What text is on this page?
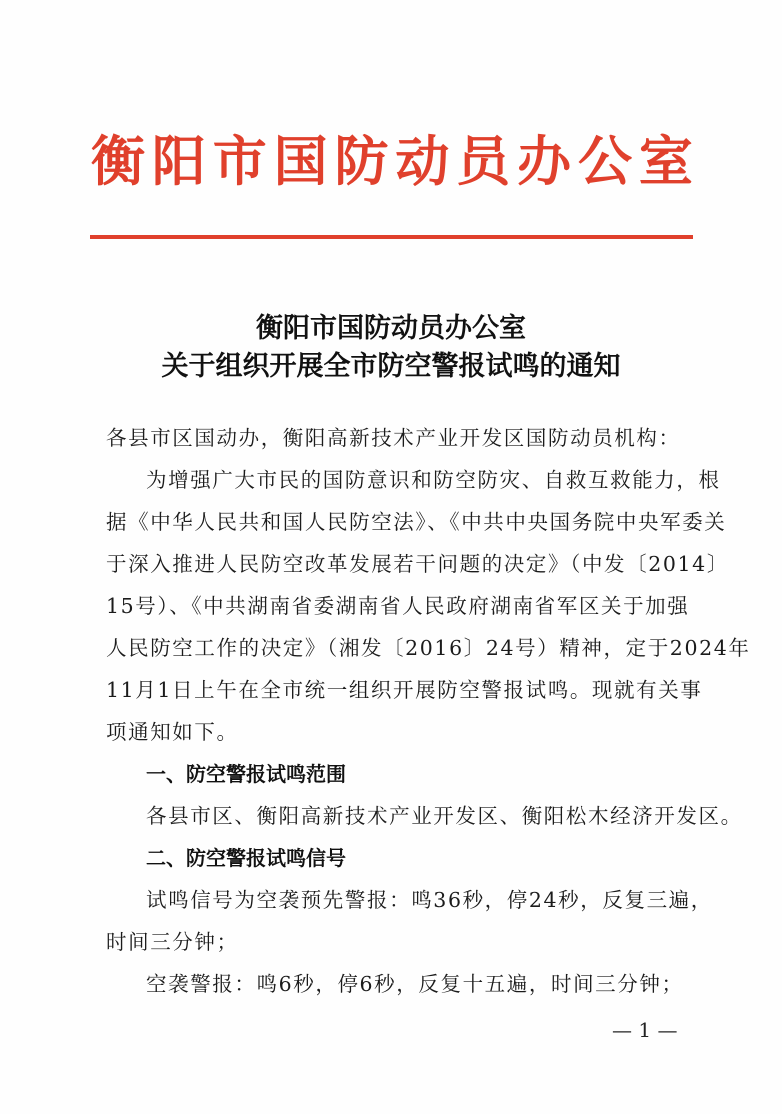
衡 阳 市 国 防 动 员 办 公 室
衡阳市国防动员办公室
关于组织开展全市防空警报试鸣的通知
各县市区国动办，衡阳高新技术产业开发区国防动员机构：
为增强广大市民的国防意识和防空防灾、自救互救能力，根
据《中华人民共和国人民防空法》、《中共中央国务院中央军委关
于深入推进人民防空改革发展若干问题的决定》（中发〔2014〕
15号）、《中共湖南省委湖南省人民政府湖南省军区关于加强
人民防空工作的决定》（湘发〔2016〕24号）精神，定于2024年
11月1日上午在全市统一组织开展防空警报试鸣。现就有关事
项通知如下。
一、防空警报试鸣范围
各县市区、衡阳高新技术产业开发区、衡阳松木经济开发区。
二、防空警报试鸣信号
试鸣信号为空袭预先警报：鸣36秒，停24秒，反复三遍，
时间三分钟；
空袭警报：鸣6秒，停6秒，反复十五遍，时间三分钟；
— 1 —
